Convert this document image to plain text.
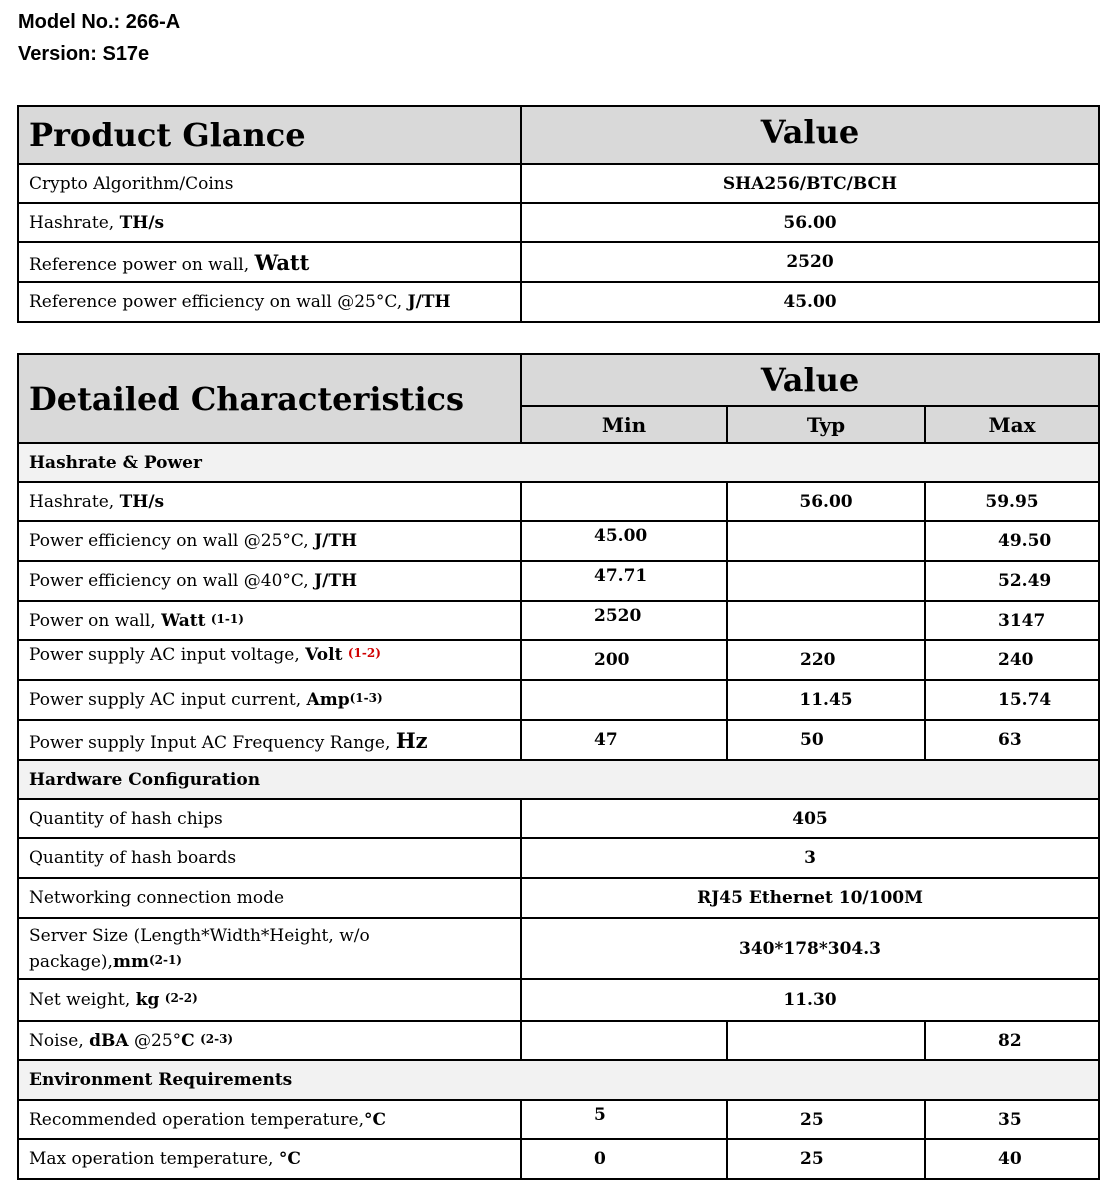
Model No.: 266-A
Version: S17e
Product Glance	Value
Crypto Algorithm/Coins	SHA256/BTC/BCH
Hashrate, TH/s	56.00
Reference power on wall, Watt	2520
Reference power efficiency on wall @25°C, J/TH	45.00
Detailed Characteristics	Value		
	Min	Typ	Max
Hashrate & Power			
Hashrate, TH/s		56.00	59.95
Power efficiency on wall @25°C, J/TH	45.00		49.50
Power efficiency on wall @40°C, J/TH	47.71		52.49
Power on wall, Watt $^{(1-1)}$	2520		3147
Power supply AC input voltage, Volt $^{(1-2)}$	200	220	240
Power supply AC input current, Amp$^{(1-3)}$		11.45	15.74
Power supply Input AC Frequency Range, Hz	47	50	63
Hardware Configuration			
Quantity of hash chips	405		
Quantity of hash boards	3		
Networking connection mode	RJ45 Ethernet 10/100M		
Server Size (Length*Width*Height, w/o $package),mm^{(2-1)}$	340*178*304.3		
Net weight, kg $^{(2-2)}$	11.30		
Noise, dBA @25°C $^{(2-3)}$			82
Environment Requirements			
Recommended operation temperature,°C	5	25	35
Max operation temperature, °C	0	25	40
